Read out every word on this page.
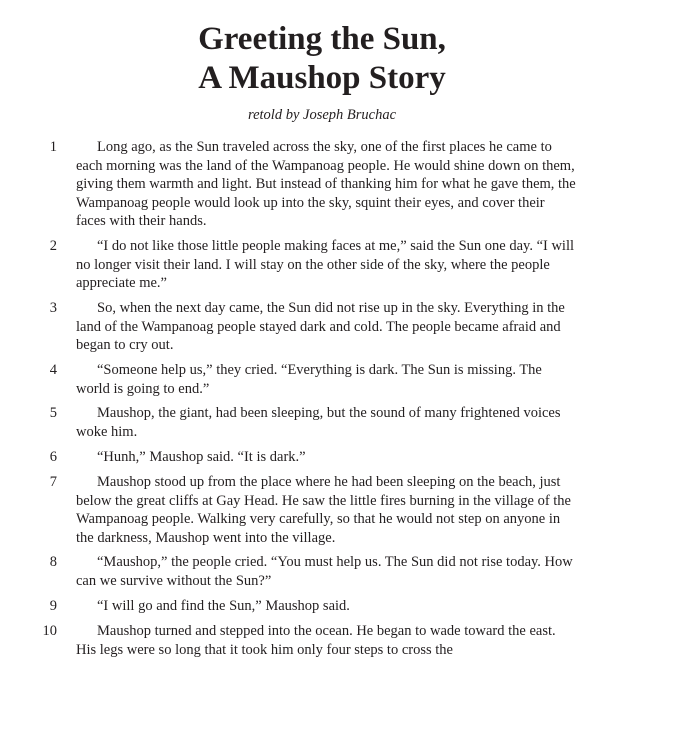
Greeting the Sun,
A Maushop Story

retold by Joseph Bruchac

1	Long ago, as the Sun traveled across the sky, one of the first places he came to each morning was the land of the Wampanoag people. He would shine down on them, giving them warmth and light. But instead of thanking him for what he gave them, the Wampanoag people would look up into the sky, squint their eyes, and cover their faces with their hands.

2	“I do not like those little people making faces at me,” said the Sun one day. “I will no longer visit their land. I will stay on the other side of the sky, where the people appreciate me.”

3	So, when the next day came, the Sun did not rise up in the sky. Everything in the land of the Wampanoag people stayed dark and cold. The people became afraid and began to cry out.

4	“Someone help us,” they cried. “Everything is dark. The Sun is missing. The world is going to end.”

5	Maushop, the giant, had been sleeping, but the sound of many frightened voices woke him.

6	“Hunh,” Maushop said. “It is dark.”

7	Maushop stood up from the place where he had been sleeping on the beach, just below the great cliffs at Gay Head. He saw the little fires burning in the village of the Wampanoag people. Walking very carefully, so that he would not step on anyone in the darkness, Maushop went into the village.

8	“Maushop,” the people cried. “You must help us. The Sun did not rise today. How can we survive without the Sun?”

9	“I will go and find the Sun,” Maushop said.

10	Maushop turned and stepped into the ocean. He began to wade toward the east. His legs were so long that it took him only four steps to cross the
